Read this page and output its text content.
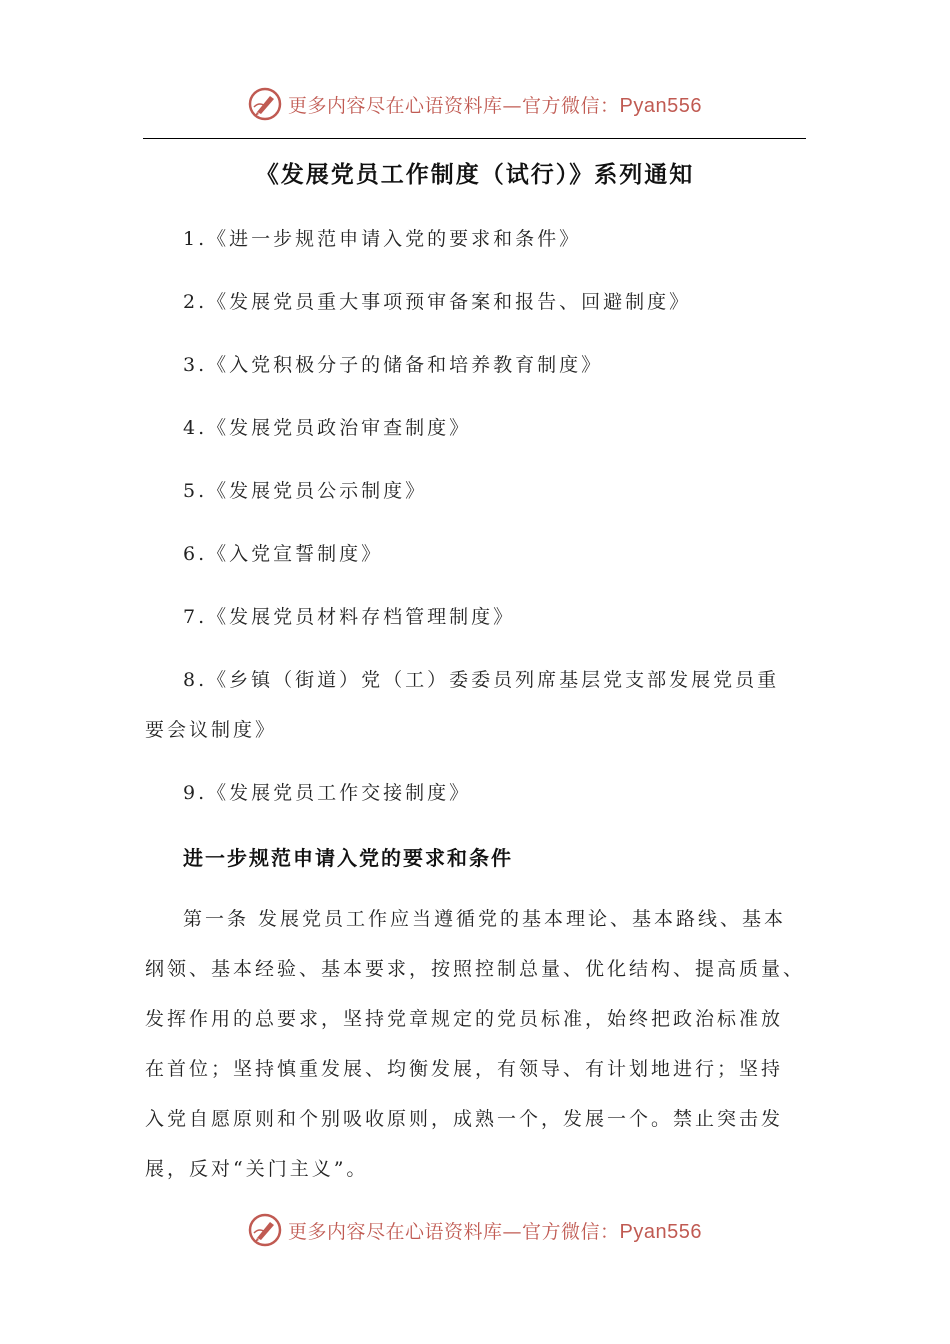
更多内容尽在心语资料库—官方微信：Pyan556
《发展党员工作制度（试行）》系列通知
1.《进一步规范申请入党的要求和条件》
2.《发展党员重大事项预审备案和报告、回避制度》
3.《入党积极分子的储备和培养教育制度》
4.《发展党员政治审查制度》
5.《发展党员公示制度》
6.《入党宣誓制度》
7.《发展党员材料存档管理制度》
8.《乡镇（街道）党（工）委委员列席基层党支部发展党员重
要会议制度》
9.《发展党员工作交接制度》
进一步规范申请入党的要求和条件
第一条 发展党员工作应当遵循党的基本理论、基本路线、基本
纲领、基本经验、基本要求，按照控制总量、优化结构、提高质量、
发挥作用的总要求，坚持党章规定的党员标准，始终把政治标准放
在首位；坚持慎重发展、均衡发展，有领导、有计划地进行；坚持
入党自愿原则和个别吸收原则，成熟一个，发展一个。禁止突击发
展，反对“关门主义”。
更多内容尽在心语资料库—官方微信：Pyan556
